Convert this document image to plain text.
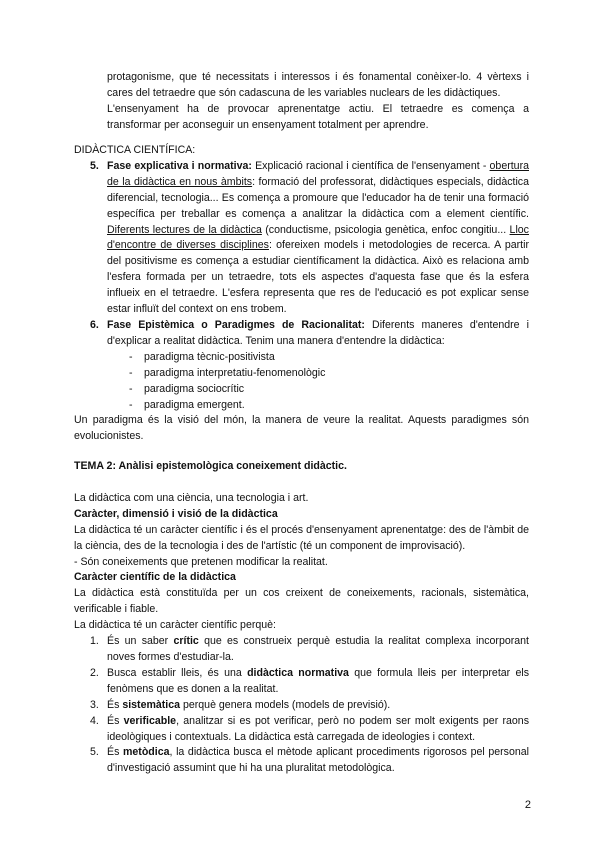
protagonisme, que té necessitats i interessos i és fonamental conèixer-lo. 4 vèrtexs i cares del tetraedre que són cadascuna de les variables nuclears de les didàctiques.

L'ensenyament ha de provocar aprenentatge actiu. El tetraedre es comença a transformar per aconseguir un ensenyament totalment per aprendre.

DIDÀCTICA CIENTÍFICA:

5. Fase explicativa i normativa: Explicació racional i científica de l'ensenyament - obertura de la didàctica en nous àmbits: formació del professorat, didàctiques especials, didàctica diferencial, tecnologia... Es comença a promoure que l'educador ha de tenir una formació específica per treballar es comença a analitzar la didàctica com a element científic. Diferents lectures de la didàctica (conductisme, psicologia genètica, enfoc congitiu... Lloc d'encontre de diverses disciplines: ofereixen models i metodologies de recerca. A partir del positivisme es comença a estudiar científicament la didàctica. Això es relaciona amb l'esfera formada per un tetraedre, tots els aspectes d'aquesta fase que és la esfera influeix en el tetraedre. L'esfera representa que res de l'educació es pot explicar sense estar influït del context on ens trobem.
6. Fase Epistèmica o Paradigmes de Racionalitat: Diferents maneres d'entendre i d'explicar a realitat didàctica. Tenim una manera d'entendre la didàctica:
- paradigma tècnic-positivista
- paradigma interpretatiu-fenomenològic
- paradigma sociocrític
- paradigma emergent.

Un paradigma és la visió del món, la manera de veure la realitat. Aquests paradigmes són evolucionistes.

TEMA 2: Anàlisi epistemològica coneixement didàctic.

La didàctica com una ciència, una tecnologia i art.

Caràcter, dimensió i visió de la didàctica

La didàctica té un caràcter científic i és el procés d'ensenyament aprenentatge: des de l'àmbit de la ciència, des de la tecnologia i des de l'artístic (té un component de improvisació).

- Són coneixements que pretenen modificar la realitat.

Caràcter científic de la didàctica

La didàctica està constituïda per un cos creixent de coneixements, racionals, sistemàtica, verificable i fiable.

La didàctica té un caràcter científic perquè:

1. És un saber crític que es construeix perquè estudia la realitat complexa incorporant noves formes d'estudiar-la.
2. Busca establir lleis, és una didàctica normativa que formula lleis per interpretar els fenòmens que es donen a la realitat.
3. És sistemàtica perquè genera models (models de previsió).
4. És verificable, analitzar si es pot verificar, però no podem ser molt exigents per raons ideològiques i contextuals. La didàctica està carregada de ideologies i context.
5. És metòdica, la didàctica busca el mètode aplicant procediments rigorosos pel personal d'investigació assumint que hi ha una pluralitat metodològica.
2
